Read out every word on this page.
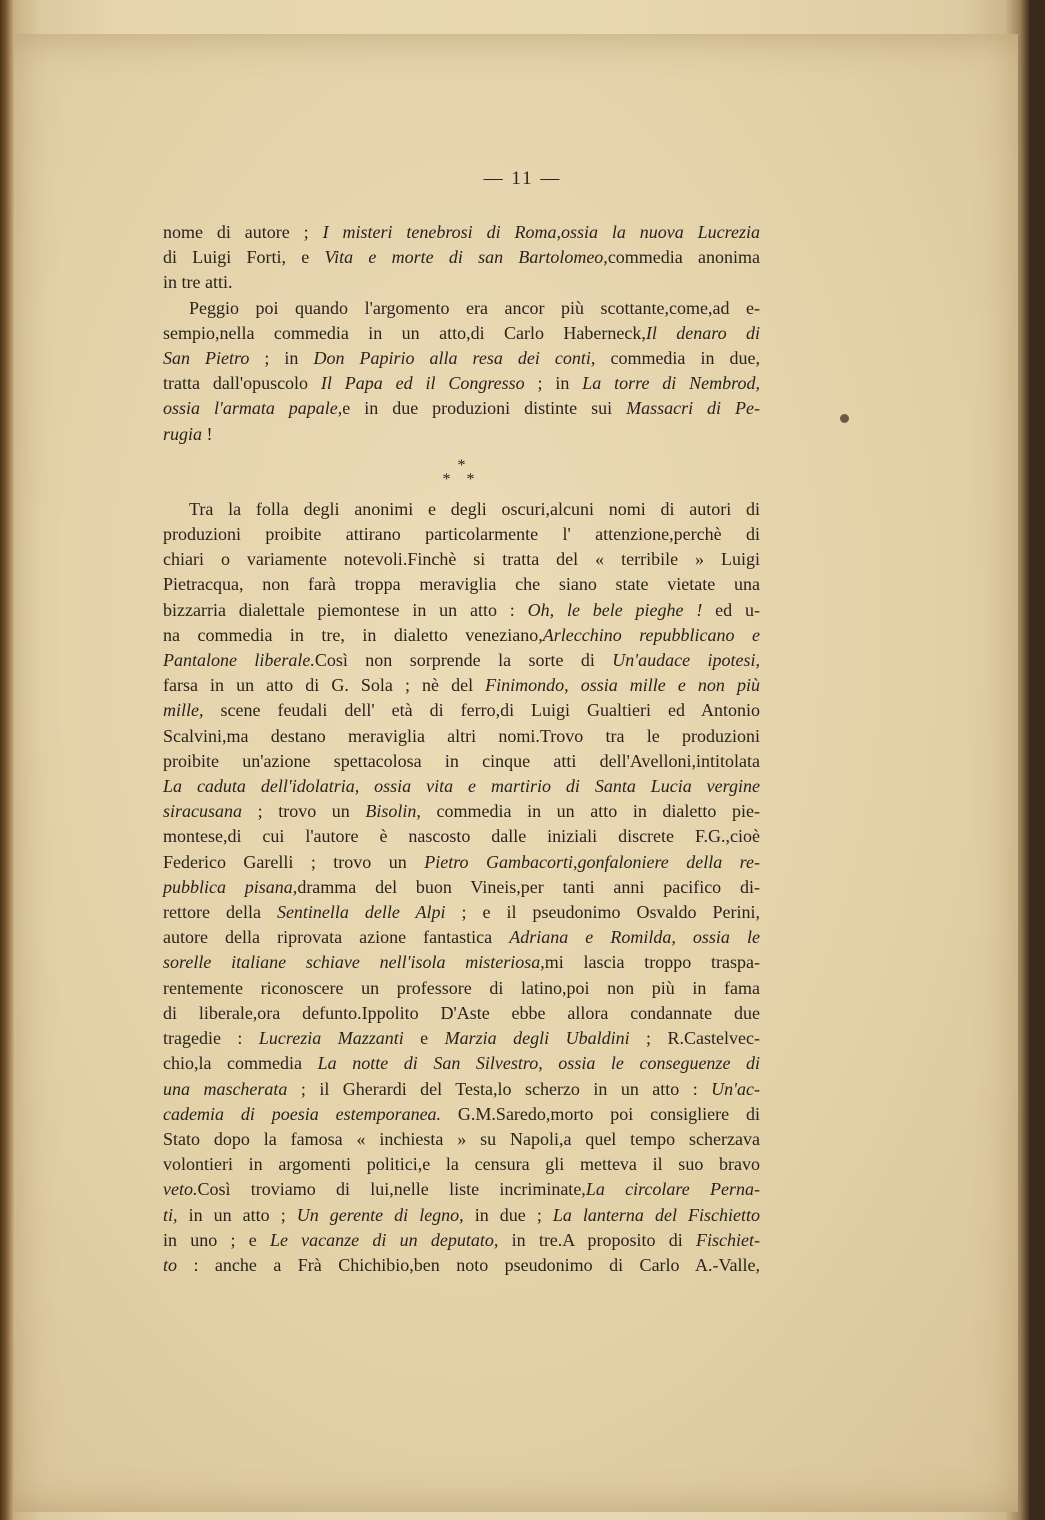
— 11 —
nome di autore ; I misteri tenebrosi di Roma,ossia la nuova Lucrezia
di Luigi Forti, e Vita e morte di san Bartolomeo,commedia anonima
in tre atti.
Peggio poi quando l'argomento era ancor più scottante,come,ad e-
sempio,nella commedia in un atto,di Carlo Haberneck,Il denaro di
San Pietro ; in Don Papirio alla resa dei conti, commedia in due,
tratta dall'opuscolo Il Papa ed il Congresso ; in La torre di Nembrod,
ossia l'armata papale,e in due produzioni distinte sui Massacri di Pe-
rugia !
*
* *
Tra la folla degli anonimi e degli oscuri,alcuni nomi di autori di
produzioni proibite attirano particolarmente l' attenzione,perchè di
chiari o variamente notevoli.Finchè si tratta del « terribile » Luigi
Pietracqua, non farà troppa meraviglia che siano state vietate una
bizzarria dialettale piemontese in un atto : Oh, le bele pieghe ! ed u-
na commedia in tre, in dialetto veneziano,Arlecchino repubblicano e
Pantalone liberale.Così non sorprende la sorte di Un'audace ipotesi,
farsa in un atto di G. Sola ; nè del Finimondo, ossia mille e non più
mille, scene feudali dell' età di ferro,di Luigi Gualtieri ed Antonio
Scalvini,ma destano meraviglia altri nomi.Trovo tra le produzioni
proibite un'azione spettacolosa in cinque atti dell'Avelloni,intitolata
La caduta dell'idolatria, ossia vita e martirio di Santa Lucia vergine
siracusana ; trovo un Bisolin, commedia in un atto in dialetto pie-
montese,di cui l'autore è nascosto dalle iniziali discrete F.G.,cioè
Federico Garelli ; trovo un Pietro Gambacorti,gonfaloniere della re-
pubblica pisana,dramma del buon Vineis,per tanti anni pacifico di-
rettore della Sentinella delle Alpi ; e il pseudonimo Osvaldo Perini,
autore della riprovata azione fantastica Adriana e Romilda, ossia le
sorelle italiane schiave nell'isola misteriosa,mi lascia troppo traspa-
rentemente riconoscere un professore di latino,poi non più in fama
di liberale,ora defunto.Ippolito D'Aste ebbe allora condannate due
tragedie : Lucrezia Mazzanti e Marzia degli Ubaldini ; R.Castelvec-
chio,la commedia La notte di San Silvestro, ossia le conseguenze di
una mascherata ; il Gherardi del Testa,lo scherzo in un atto : Un'ac-
cademia di poesia estemporanea. G.M.Saredo,morto poi consigliere di
Stato dopo la famosa « inchiesta » su Napoli,a quel tempo scherzava
volontieri in argomenti politici,e la censura gli metteva il suo bravo
veto.Così troviamo di lui,nelle liste incriminate,La circolare Perna-
ti, in un atto ; Un gerente di legno, in due ; La lanterna del Fischietto
in uno ; e Le vacanze di un deputato, in tre.A proposito di Fischiet-
to : anche a Frà Chichibio,ben noto pseudonimo di Carlo A.-Valle,
